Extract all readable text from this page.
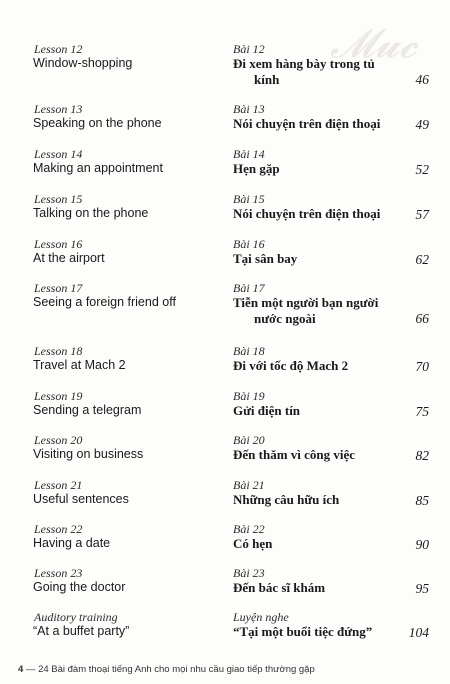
𝓜𝓾𝓬
Lesson 12
Window-shopping
Bài 12
Đi xem hàng bày trong tủ
kính	46
Lesson 13
Speaking on the phone
Bài 13
Nói chuyện trên điện thoại	49
Lesson 14
Making an appointment
Bài 14
Hẹn gặp	52
Lesson 15
Talking on the phone
Bài 15
Nói chuyện trên điện thoại	57
Lesson 16
At the airport
Bài 16
Tại sân bay	62
Lesson 17
Seeing a foreign friend off
Bài 17
Tiễn một người bạn người
nước ngoài	66
Lesson 18
Travel at Mach 2
Bài 18
Đi với tốc độ Mach 2	70
Lesson 19
Sending a telegram
Bài 19
Gửi điện tín	75
Lesson 20
Visiting on business
Bài 20
Đến thăm vì công việc	82
Lesson 21
Useful sentences
Bài 21
Những câu hữu ích	85
Lesson 22
Having a date
Bài 22
Có hẹn	90
Lesson 23
Going the doctor
Bài 23
Đến bác sĩ khám	95
Auditory training
“At a buffet party”
Luyện nghe
“Tại một buổi tiệc đứng”	104
4 — 24 Bài đàm thoại tiếng Anh cho mọi nhu cầu giao tiếp thường gặp
